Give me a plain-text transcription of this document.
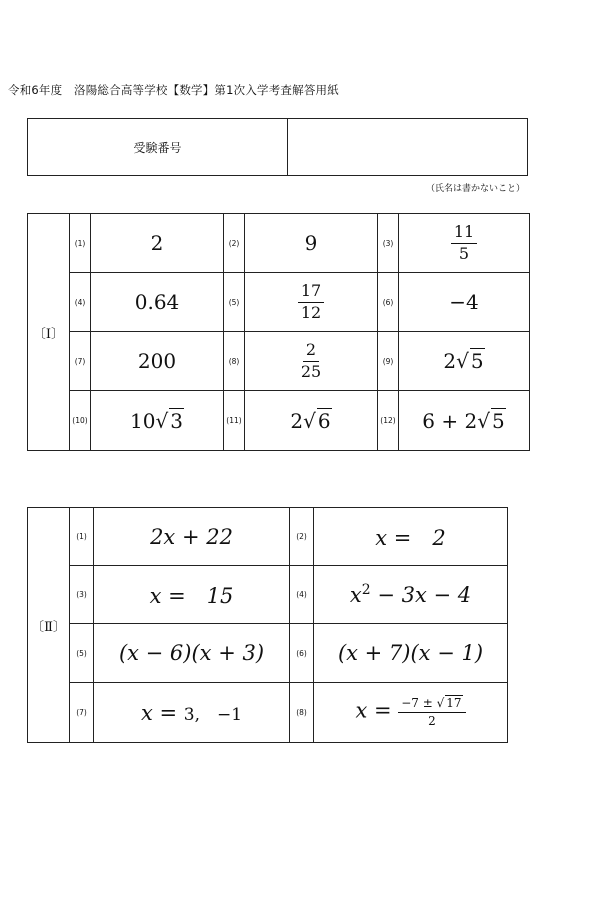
令和6年度　洛陽総合高等学校【数学】第1次入学考査解答用紙
受験番号
（氏名は書かないこと）
〔Ⅰ〕	(1)	2	(2)	9	(3)	$\frac{11}{5}$

	(4)	0.64	(5)	$\frac{17}{12}$	(6)	−4
	(7)	200	(8)	$\frac{2}{25}$	(9)	2√ 5
	(10)	10√ 3	(11)	2√ 6	(12)	6 + 2√ 5
〔Ⅱ〕	(1)	2x + 22	(2)	x =　2
	(3)	x =　15	(4)	$x^2 - 3x - 4$
	(5)	(x − 6)(x + 3)	(6)	(x + 7)(x − 1)
	(7)	x = 3,　−1	(8)	$x = \frac{-7 \pm √ 17}{2}$
